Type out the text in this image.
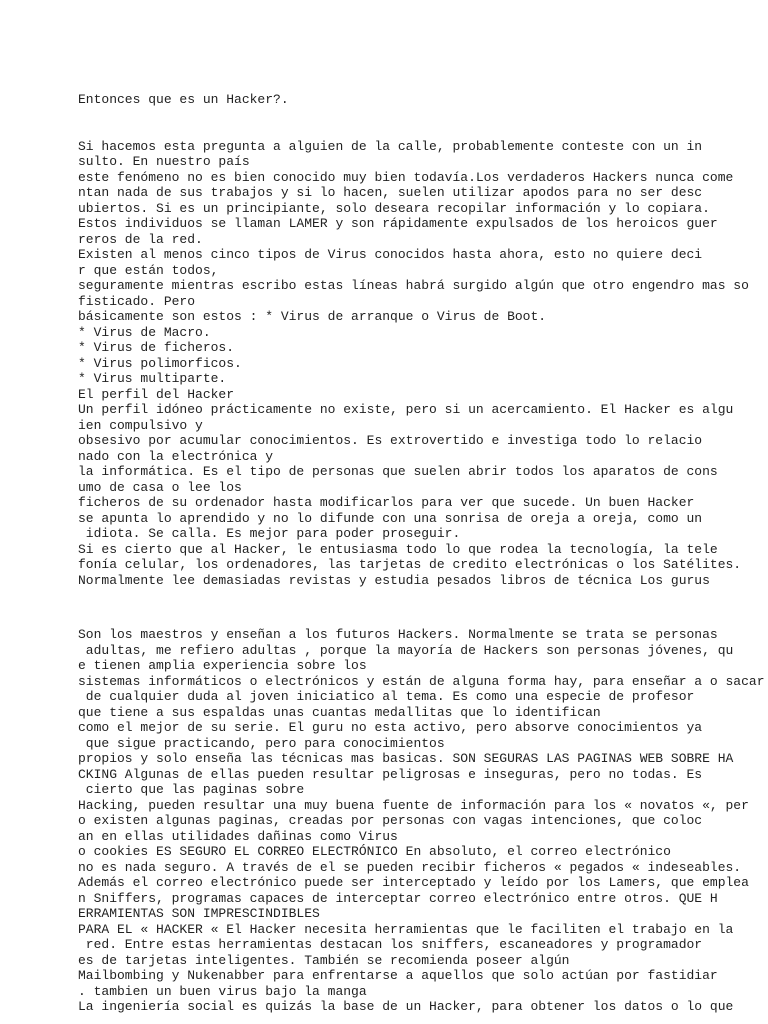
Entonces que es un Hacker?.

Si hacemos esta pregunta a alguien de la calle, probablemente conteste con un in
sulto. En nuestro país
este fenómeno no es bien conocido muy bien todavía.Los verdaderos Hackers nunca come
ntan nada de sus trabajos y si lo hacen, suelen utilizar apodos para no ser desc
ubiertos. Si es un principiante, solo deseara recopilar información y lo copiara.
Estos individuos se llaman LAMER y son rápidamente expulsados de los heroicos guer
reros de la red.
Existen al menos cinco tipos de Virus conocidos hasta ahora, esto no quiere deci
r que están todos,
seguramente mientras escribo estas líneas habrá surgido algún que otro engendro mas so
fisticado. Pero
básicamente son estos : * Virus de arranque o Virus de Boot.
* Virus de Macro.
* Virus de ficheros.
* Virus polimorficos.
* Virus multiparte.
El perfil del Hacker
Un perfil idóneo prácticamente no existe, pero si un acercamiento. El Hacker es algu
ien compulsivo y
obsesivo por acumular conocimientos. Es extrovertido e investiga todo lo relacio
nado con la electrónica y
la informática. Es el tipo de personas que suelen abrir todos los aparatos de cons
umo de casa o lee los
ficheros de su ordenador hasta modificarlos para ver que sucede. Un buen Hacker
se apunta lo aprendido y no lo difunde con una sonrisa de oreja a oreja, como un
idiota. Se calla. Es mejor para poder proseguir.
Si es cierto que al Hacker, le entusiasma todo lo que rodea la tecnología, la tele
fonía celular, los ordenadores, las tarjetas de credito electrónicas o los Satélites.
Normalmente lee demasiadas revistas y estudia pesados libros de técnica Los gurus

Son los maestros y enseñan a los futuros Hackers. Normalmente se trata se personas
adultas, me refiero adultas , porque la mayoría de Hackers son personas jóvenes, qu
e tienen amplia experiencia sobre los
sistemas informáticos o electrónicos y están de alguna forma hay, para enseñar a o sacar
de cualquier duda al joven iniciatico al tema. Es como una especie de profesor
que tiene a sus espaldas unas cuantas medallitas que lo identifican
como el mejor de su serie. El guru no esta activo, pero absorve conocimientos ya
que sigue practicando, pero para conocimientos
propios y solo enseña las técnicas mas basicas. SON SEGURAS LAS PAGINAS WEB SOBRE HA
CKING Algunas de ellas pueden resultar peligrosas e inseguras, pero no todas. Es
cierto que las paginas sobre
Hacking, pueden resultar una muy buena fuente de información para los « novatos «, per
o existen algunas paginas, creadas por personas con vagas intenciones, que coloc
an en ellas utilidades dañinas como Virus
o cookies ES SEGURO EL CORREO ELECTRÓNICO En absoluto, el correo electrónico
no es nada seguro. A través de el se pueden recibir ficheros « pegados « indeseables.
Además el correo electrónico puede ser interceptado y leído por los Lamers, que emplea
n Sniffers, programas capaces de interceptar correo electrónico entre otros. QUE H
ERRAMIENTAS SON IMPRESCINDIBLES
PARA EL « HACKER « El Hacker necesita herramientas que le faciliten el trabajo en la
red. Entre estas herramientas destacan los sniffers, escaneadores y programador
es de tarjetas inteligentes. También se recomienda poseer algún
Mailbombing y Nukenabber para enfrentarse a aquellos que solo actúan por fastidiar
. tambien un buen virus bajo la manga
La ingeniería social es quizás la base de un Hacker, para obtener los datos o lo que
